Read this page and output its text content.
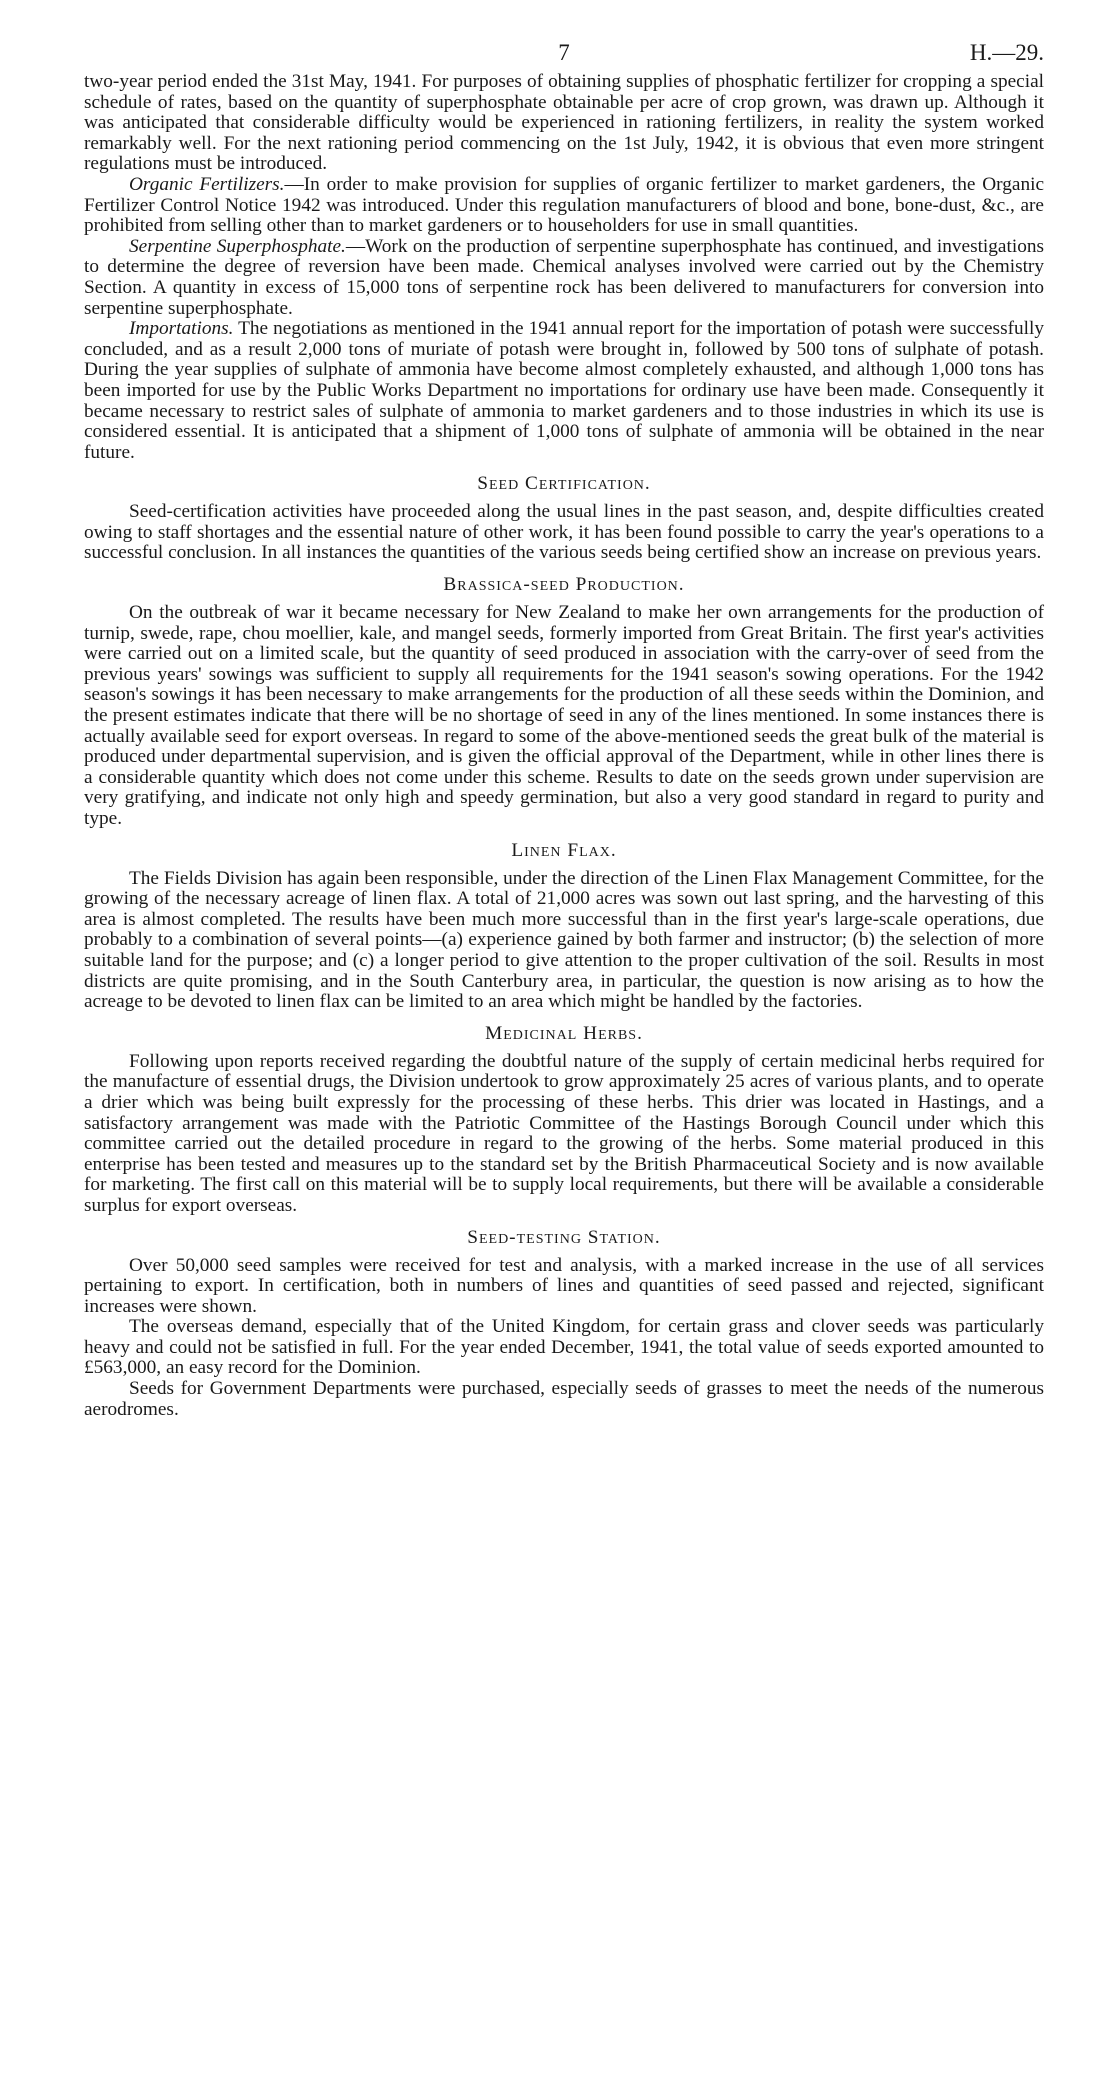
7	H.—29.

two-year period ended the 31st May, 1941. For purposes of obtaining supplies of phosphatic fertilizer for cropping a special schedule of rates, based on the quantity of superphosphate obtainable per acre of crop grown, was drawn up. Although it was anticipated that considerable difficulty would be experienced in rationing fertilizers, in reality the system worked remarkably well. For the next rationing period commencing on the 1st July, 1942, it is obvious that even more stringent regulations must be introduced.

Organic Fertilizers.—In order to make provision for supplies of organic fertilizer to market gardeners, the Organic Fertilizer Control Notice 1942 was introduced. Under this regulation manufacturers of blood and bone, bone-dust, &c., are prohibited from selling other than to market gardeners or to householders for use in small quantities.

Serpentine Superphosphate.—Work on the production of serpentine superphosphate has continued, and investigations to determine the degree of reversion have been made. Chemical analyses involved were carried out by the Chemistry Section. A quantity in excess of 15,000 tons of serpentine rock has been delivered to manufacturers for conversion into serpentine superphosphate.

Importations. The negotiations as mentioned in the 1941 annual report for the importation of potash were successfully concluded, and as a result 2,000 tons of muriate of potash were brought in, followed by 500 tons of sulphate of potash. During the year supplies of sulphate of ammonia have become almost completely exhausted, and although 1,000 tons has been imported for use by the Public Works Department no importations for ordinary use have been made. Consequently it became necessary to restrict sales of sulphate of ammonia to market gardeners and to those industries in which its use is considered essential. It is anticipated that a shipment of 1,000 tons of sulphate of ammonia will be obtained in the near future.

Seed Certification.

Seed-certification activities have proceeded along the usual lines in the past season, and, despite difficulties created owing to staff shortages and the essential nature of other work, it has been found possible to carry the year's operations to a successful conclusion. In all instances the quantities of the various seeds being certified show an increase on previous years.

Brassica-seed Production.

On the outbreak of war it became necessary for New Zealand to make her own arrangements for the production of turnip, swede, rape, chou moellier, kale, and mangel seeds, formerly imported from Great Britain. The first year's activities were carried out on a limited scale, but the quantity of seed produced in association with the carry-over of seed from the previous years' sowings was sufficient to supply all requirements for the 1941 season's sowing operations. For the 1942 season's sowings it has been necessary to make arrangements for the production of all these seeds within the Dominion, and the present estimates indicate that there will be no shortage of seed in any of the lines mentioned. In some instances there is actually available seed for export overseas. In regard to some of the above-mentioned seeds the great bulk of the material is produced under departmental supervision, and is given the official approval of the Department, while in other lines there is a considerable quantity which does not come under this scheme. Results to date on the seeds grown under supervision are very gratifying, and indicate not only high and speedy germination, but also a very good standard in regard to purity and type.

Linen Flax.

The Fields Division has again been responsible, under the direction of the Linen Flax Management Committee, for the growing of the necessary acreage of linen flax. A total of 21,000 acres was sown out last spring, and the harvesting of this area is almost completed. The results have been much more successful than in the first year's large-scale operations, due probably to a combination of several points—(a) experience gained by both farmer and instructor; (b) the selection of more suitable land for the purpose; and (c) a longer period to give attention to the proper cultivation of the soil. Results in most districts are quite promising, and in the South Canterbury area, in particular, the question is now arising as to how the acreage to be devoted to linen flax can be limited to an area which might be handled by the factories.

Medicinal Herbs.

Following upon reports received regarding the doubtful nature of the supply of certain medicinal herbs required for the manufacture of essential drugs, the Division undertook to grow approximately 25 acres of various plants, and to operate a drier which was being built expressly for the processing of these herbs. This drier was located in Hastings, and a satisfactory arrangement was made with the Patriotic Committee of the Hastings Borough Council under which this committee carried out the detailed procedure in regard to the growing of the herbs. Some material produced in this enterprise has been tested and measures up to the standard set by the British Pharmaceutical Society and is now available for marketing. The first call on this material will be to supply local requirements, but there will be available a considerable surplus for export overseas.

Seed-testing Station.

Over 50,000 seed samples were received for test and analysis, with a marked increase in the use of all services pertaining to export. In certification, both in numbers of lines and quantities of seed passed and rejected, significant increases were shown.

The overseas demand, especially that of the United Kingdom, for certain grass and clover seeds was particularly heavy and could not be satisfied in full. For the year ended December, 1941, the total value of seeds exported amounted to £563,000, an easy record for the Dominion.

Seeds for Government Departments were purchased, especially seeds of grasses to meet the needs of the numerous aerodromes.
